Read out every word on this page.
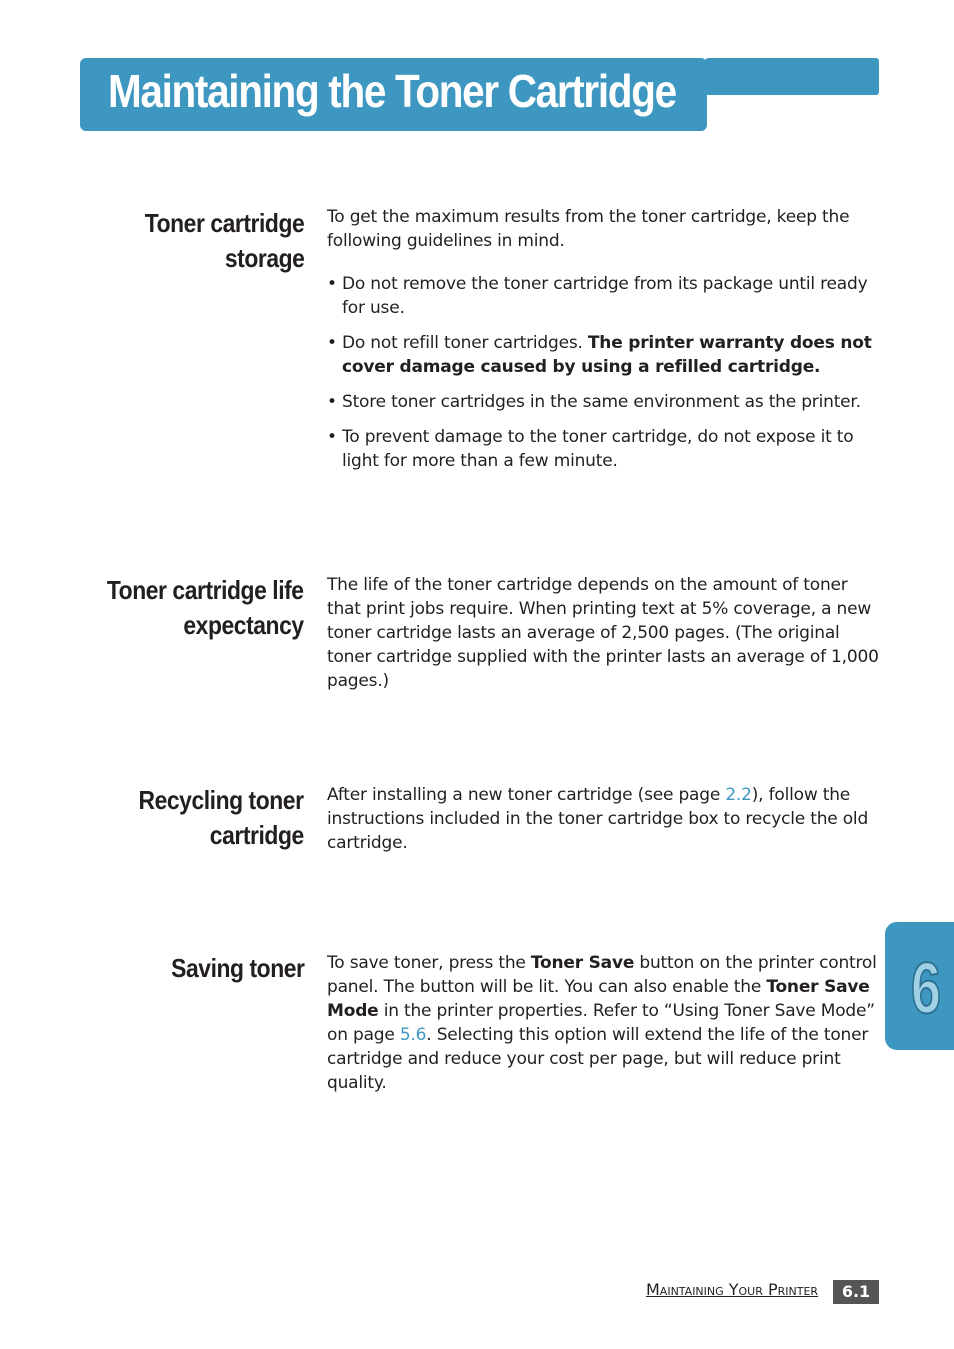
Maintaining the Toner Cartridge
Toner cartridge
storage

To get the maximum results from the toner cartridge, keep the following guidelines in mind.

• Do not remove the toner cartridge from its package until ready for use.
• Do not refill toner cartridges. The printer warranty does not cover damage caused by using a refilled cartridge.
• Store toner cartridges in the same environment as the printer.
• To prevent damage to the toner cartridge, do not expose it to light for more than a few minute.
Toner cartridge life
expectancy

The life of the toner cartridge depends on the amount of toner that print jobs require. When printing text at 5% coverage, a new toner cartridge lasts an average of 2,500 pages. (The original toner cartridge supplied with the printer lasts an average of 1,000 pages.)

Recycling toner
cartridge

After installing a new toner cartridge (see page 2.2), follow the instructions included in the toner cartridge box to recycle the old cartridge.

Saving toner To save toner, press the Toner Save button on the printer control panel. The button will be lit. You can also enable the Toner Save Mode in the printer properties. Refer to “Using Toner Save Mode” on page 5.6. Selecting this option will extend the life of the toner cartridge and reduce your cost per page, but will reduce print quality.

6
Maintaining Your Printer	6.1
